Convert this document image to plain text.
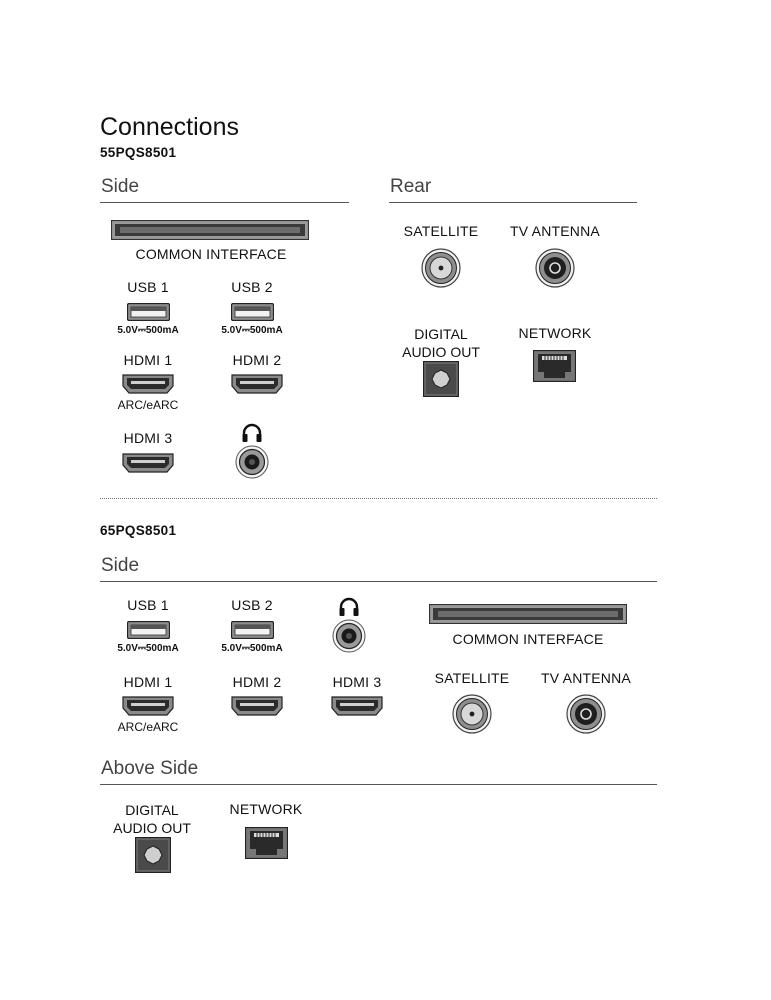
Connections
55PQS8501
Side	Rear
COMMON INTERFACE
USB 1
5.0V⎓500mA
USB 2
5.0V⎓500mA
HDMI 1
ARC/eARC
HDMI 2
HDMI 3
SATELLITE TV ANTENNA
DIGITAL
AUDIO OUT
NETWORK
65PQS8501
Side
USB 1
5.0V⎓500mA
USB 2
5.0V⎓500mA
COMMON INTERFACE
HDMI 1
ARC/eARC
HDMI 2	HDMI 3	SATELLITE TV ANTENNA
Above Side
DIGITAL
AUDIO OUT
NETWORK
